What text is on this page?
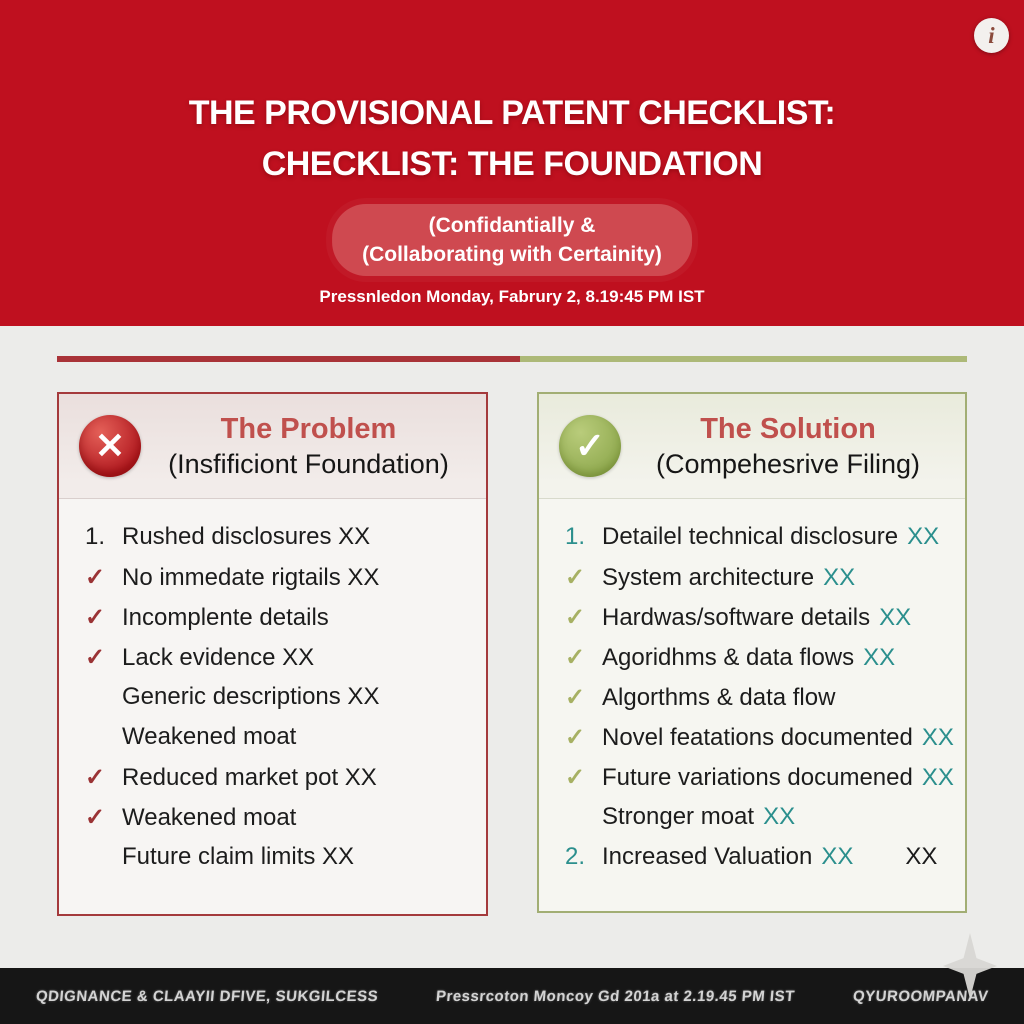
i
THE PROVISIONAL PATENT CHECKLIST:
CHECKLIST: THE FOUNDATION
(Confidantially &
(Collaborating with Certainity)
Pressnledon Monday, Fabrury 2, 8.19:45 PM IST
✕	The Problem
(Insfificiont Foundation)
1. Rushed disclosures XX
✓ No immedate rigtails XX
✓ Incomplente details
✓ Lack evidence XX
Generic descriptions XX
Weakened moat
✓ Reduced market pot XX
✓ Weakened moat
Future claim limits XX
✓	The Solution
(Compehesrive Filing)
1. Detailel technical disclosure XX
✓ System architecture XX
✓ Hardwas/software details XX
✓ Agoridhms & data flows XX
✓ Algorthms & data flow
✓ Novel featations documented XX
✓ Future variations documened XX
Stronger moat XX
2. Increased Valuation XX XX
QDIGNANCE & CLAAYII DFIVE, SUKGILCESS	Pressrcoton Moncoy Gd 201a at 2.19.45 PM IST	QYUROOMPANAV
